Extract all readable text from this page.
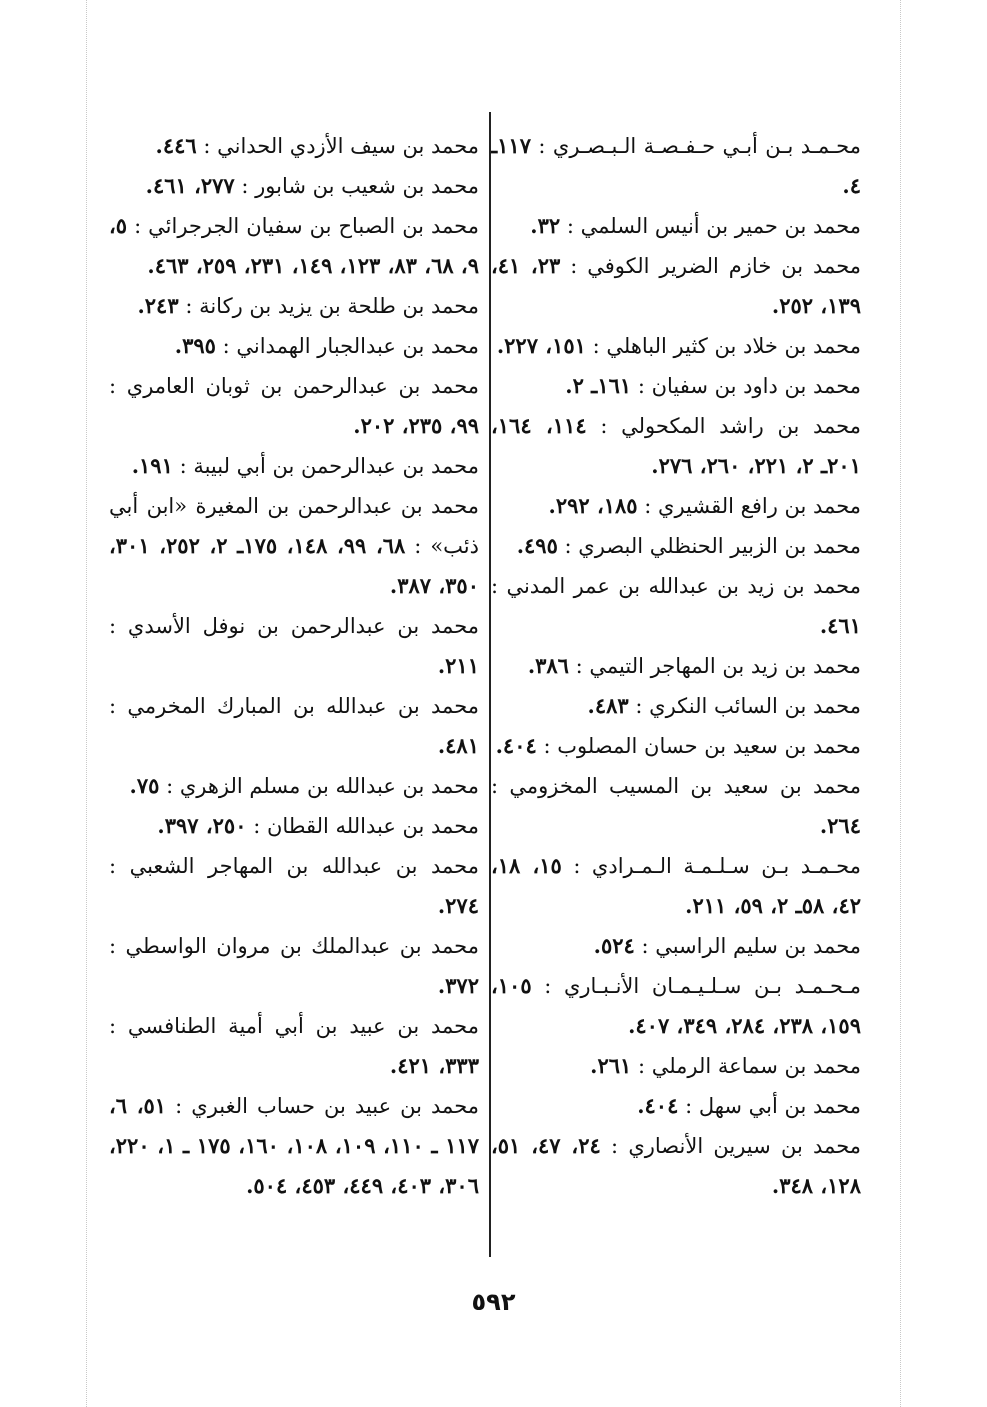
محـمـد بـن أبـي حـفـصـة الـبـصـري : ١١٧ـ ٤.
محمد بن حمير بن أنيس السلمي : ٣٢.
محمد بن خازم الضرير الكوفي : ٢٣، ٤١، ١٣٩، ٢٥٢.
محمد بن خلاد بن كثير الباهلي : ١٥١، ٢٢٧.
محمد بن داود بن سفيان : ١٦١ـ ٢.
محمد بن راشد المكحولي : ١١٤، ١٦٤، ٢٠١ـ ٢، ٢٢١، ٢٦٠، ٢٧٦.
محمد بن رافع القشيري : ١٨٥، ٢٩٢.
محمد بن الزبير الحنظلي البصري : ٤٩٥.
محمد بن زيد بن عبدالله بن عمر المدني : ٤٦١.
محمد بن زيد بن المهاجر التيمي : ٣٨٦.
محمد بن السائب النكري : ٤٨٣.
محمد بن سعيد بن حسان المصلوب : ٤٠٤.
محمد بن سعيد بن المسيب المخزومي : ٢٦٤.
محـمـد بـن سـلـمـة الـمـرادي : ١٥، ١٨، ٤٢، ٥٨ـ ٢، ٥٩، ٢١١.
محمد بن سليم الراسبي : ٥٢٤.
مـحـمـد بـن سـلـيـمـان الأنـبـاري : ١٠٥، ١٥٩، ٢٣٨، ٢٨٤، ٣٤٩، ٤٠٧.
محمد بن سماعة الرملي : ٢٦١.
محمد بن أبي سهل : ٤٠٤.
محمد بن سيرين الأنصاري : ٢٤، ٤٧، ٥١، ١٢٨، ٣٤٨.
محمد بن سيف الأزدي الحداني : ٤٤٦.
محمد بن شعيب بن شابور : ٢٧٧، ٤٦١.
محمد بن الصباح بن سفيان الجرجرائي : ٥، ٩، ٦٨، ٨٣، ١٢٣، ١٤٩، ٢٣١، ٢٥٩، ٤٦٣.
محمد بن طلحة بن يزيد بن ركانة : ٢٤٣.
محمد بن عبدالجبار الهمداني : ٣٩٥.
محمد بن عبدالرحمن بن ثوبان العامري : ٩٩، ٢٣٥، ٢٠٢.
محمد بن عبدالرحمن بن أبي لبيبة : ١٩١.
محمد بن عبدالرحمن بن المغيرة «ابن أبي ذئب» : ٦٨، ٩٩، ١٤٨، ١٧٥ـ ٢، ٢٥٢، ٣٠١، ٣٥٠، ٣٨٧.
محمد بن عبدالرحمن بن نوفل الأسدي : ٢١١.
محمد بن عبدالله بن المبارك المخرمي : ٤٨١.
محمد بن عبدالله بن مسلم الزهري : ٧٥.
محمد بن عبدالله القطان : ٢٥٠، ٣٩٧.
محمد بن عبدالله بن المهاجر الشعبي : ٢٧٤.
محمد بن عبدالملك بن مروان الواسطي : ٣٧٢.
محمد بن عبيد بن أبي أمية الطنافسي : ٣٣٣، ٤٢١.
محمد بن عبيد بن حساب الغبري : ٥١، ٦، ١١٧ ـ ١١٠، ١٠٩، ١٠٨، ١٦٠، ١٧٥ ـ ١، ٢٢٠، ٣٠٦، ٤٠٣، ٤٤٩، ٤٥٣، ٥٠٤.
٥٩٢
